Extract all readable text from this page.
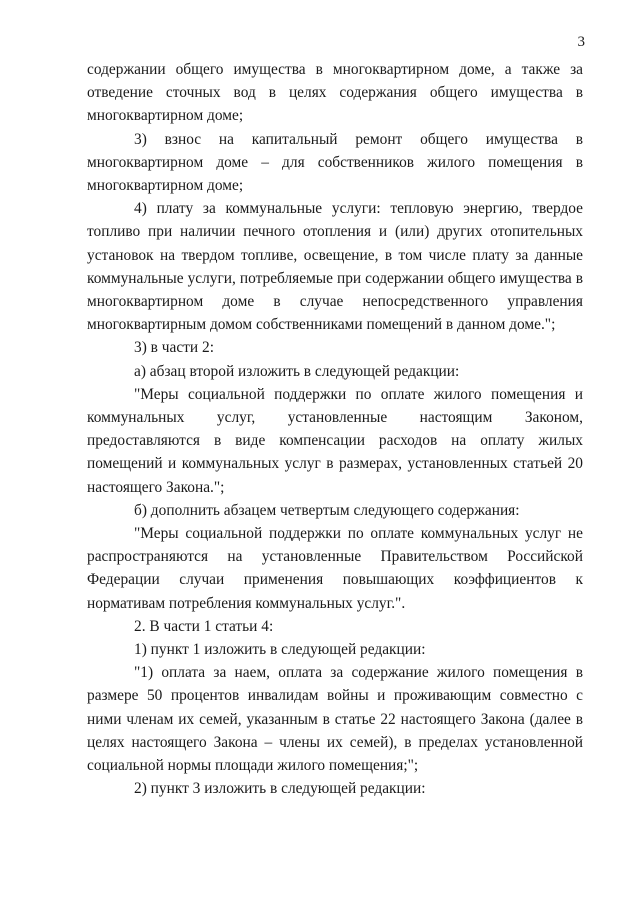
3

содержании общего имущества в многоквартирном доме, а также за отведение сточных вод в целях содержания общего имущества в многоквартирном доме;

3) взнос на капитальный ремонт общего имущества в многоквартирном доме – для собственников жилого помещения в многоквартирном доме;

4) плату за коммунальные услуги: тепловую энергию, твердое топливо при наличии печного отопления и (или) других отопительных установок на твердом топливе, освещение, в том числе плату за данные коммунальные услуги, потребляемые при содержании общего имущества в многоквартирном доме в случае непосредственного управления многоквартирным домом собственниками помещений в данном доме.";

3) в части 2:

а) абзац второй изложить в следующей редакции:

"Меры социальной поддержки по оплате жилого помещения и коммунальных услуг, установленные настоящим Законом, предоставляются в виде компенсации расходов на оплату жилых помещений и коммунальных услуг в размерах, установленных статьей 20 настоящего Закона.";

б) дополнить абзацем четвертым следующего содержания:

"Меры социальной поддержки по оплате коммунальных услуг не распространяются на установленные Правительством Российской Федерации случаи применения повышающих коэффициентов к нормативам потребления коммунальных услуг.".

2. В части 1 статьи 4:

1) пункт 1 изложить в следующей редакции:

"1) оплата за наем, оплата за содержание жилого помещения в размере 50 процентов инвалидам войны и проживающим совместно с ними членам их семей, указанным в статье 22 настоящего Закона (далее в целях настоящего Закона – члены их семей), в пределах установленной социальной нормы площади жилого помещения;";

2) пункт 3 изложить в следующей редакции:
